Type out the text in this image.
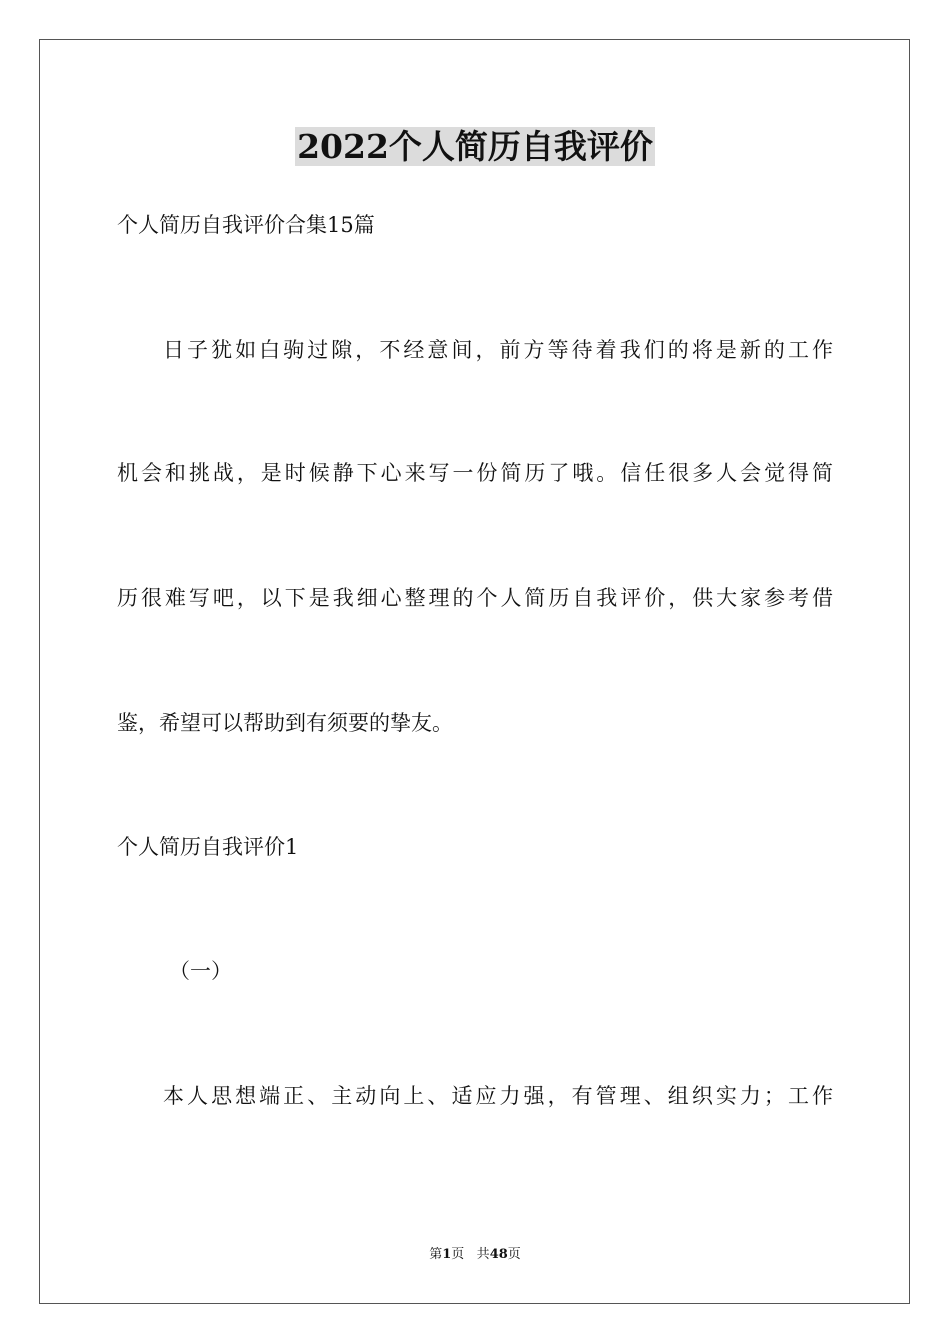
2022个人简历自我评价
个人简历自我评价合集15篇
日子犹如白驹过隙，不经意间，前方等待着我们的将是新的工作
机会和挑战，是时候静下心来写一份简历了哦。信任很多人会觉得简
历很难写吧，以下是我细心整理的个人简历自我评价，供大家参考借
鉴，希望可以帮助到有须要的挚友。
个人简历自我评价1
（一）
本人思想端正、主动向上、适应力强，有管理、组织实力；工作
第1页 共48页
